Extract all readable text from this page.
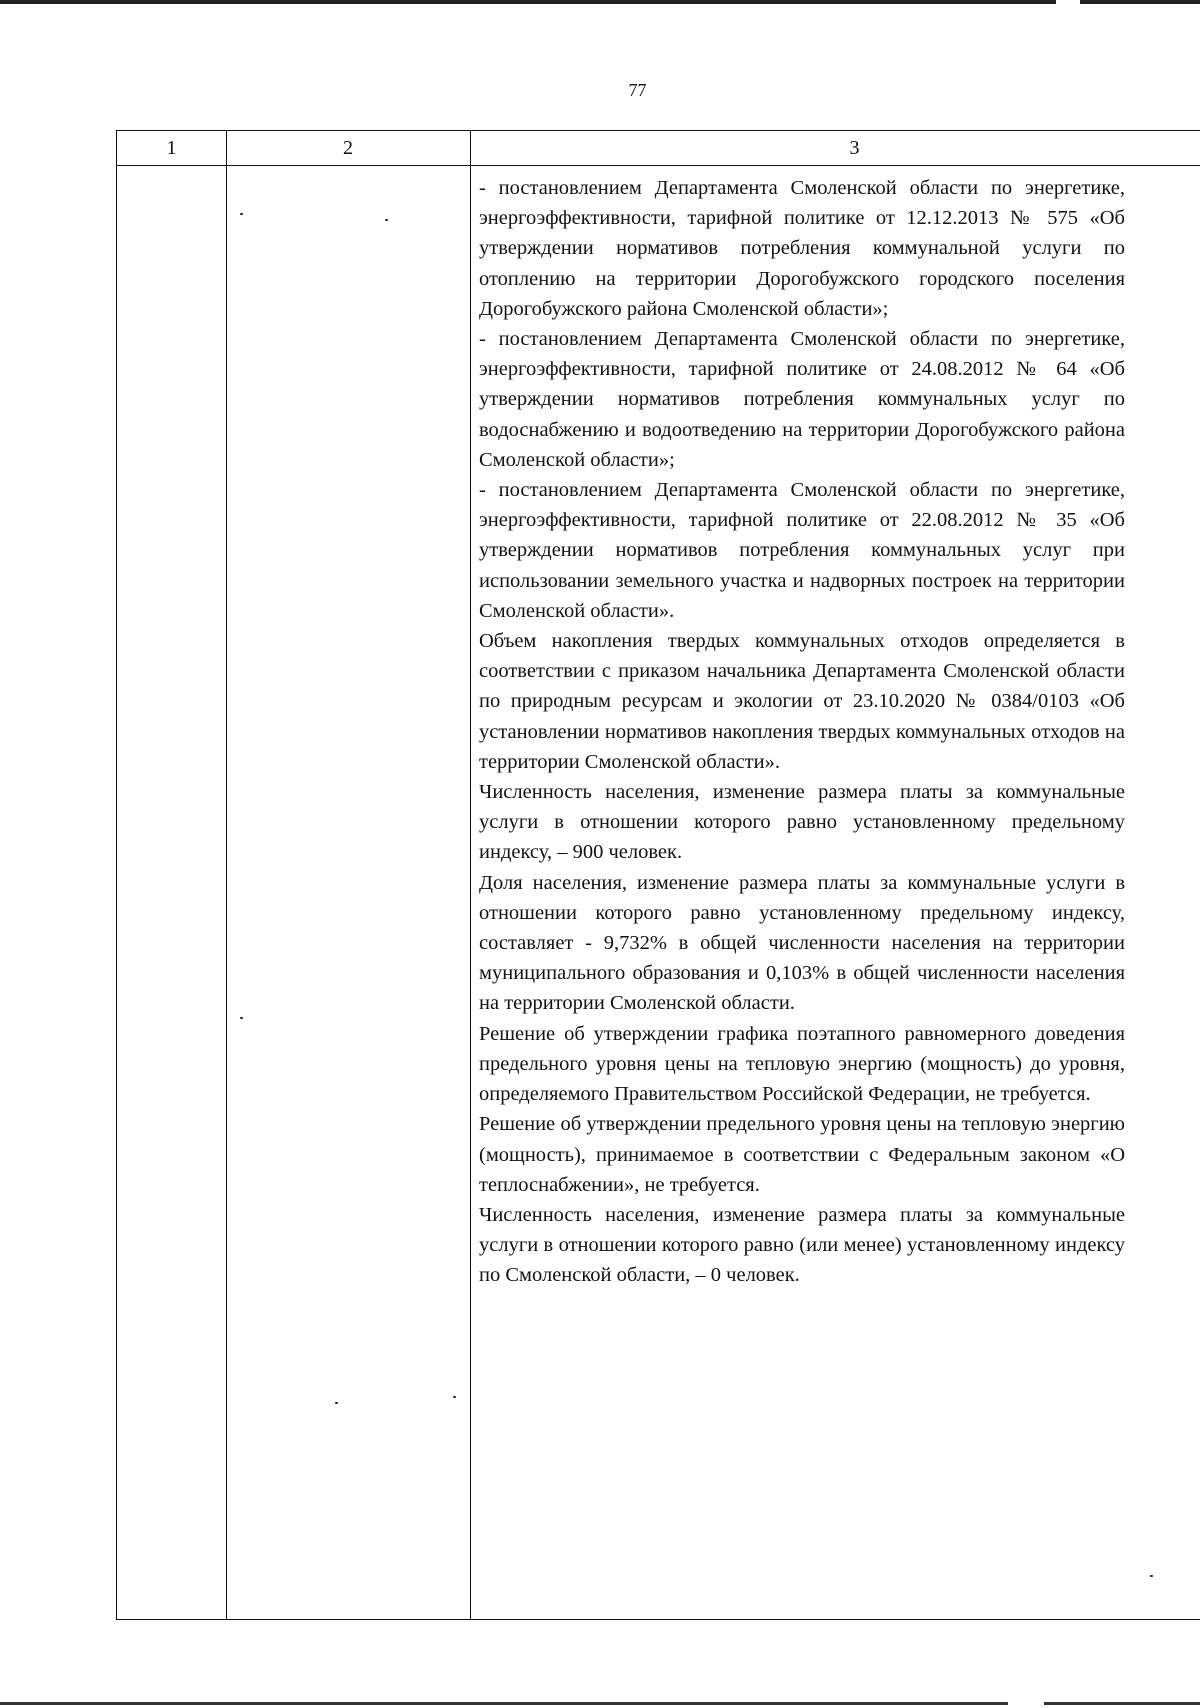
77
1	2	3

- постановлением Департамента Смоленской области по энергетике, энергоэффективности, тарифной политике от 12.12.2013 № 575 «Об утверждении нормативов потребления коммунальной услуги по отоплению на территории Дорогобужского городского поселения Дорогобужского района Смоленской области»;

- постановлением Департамента Смоленской области по энергетике, энергоэффективности, тарифной политике от 24.08.2012 № 64 «Об утверждении нормативов потребления коммунальных услуг по водоснабжению и водоотведению на территории Дорогобужского района Смоленской области»;

- постановлением Департамента Смоленской области по энергетике, энергоэффективности, тарифной политике от 22.08.2012 № 35 «Об утверждении нормативов потребления коммунальных услуг при использовании земельного участка и надворных построек на территории Смоленской области».

Объем накопления твердых коммунальных отходов определяется в соответствии с приказом начальника Департамента Смоленской области по природным ресурсам и экологии от 23.10.2020 № 0384/0103 «Об установлении нормативов накопления твердых коммунальных отходов на территории Смоленской области».

Численность населения, изменение размера платы за коммунальные услуги в отношении которого равно установленному предельному индексу, – 900 человек.

Доля населения, изменение размера платы за коммунальные услуги в отношении которого равно установленному предельному индексу, составляет - 9,732% в общей численности населения на территории муниципального образования и 0,103% в общей численности населения на территории Смоленской области.

Решение об утверждении графика поэтапного равномерного доведения предельного уровня цены на тепловую энергию (мощность) до уровня, определяемого Правительством Российской Федерации, не требуется.

Решение об утверждении предельного уровня цены на тепловую энергию (мощность), принимаемое в соответствии с Федеральным законом «О теплоснабжении», не требуется.

Численность населения, изменение размера платы за коммунальные услуги в отношении которого равно (или менее) установленному индексу по Смоленской области, – 0 человек.
